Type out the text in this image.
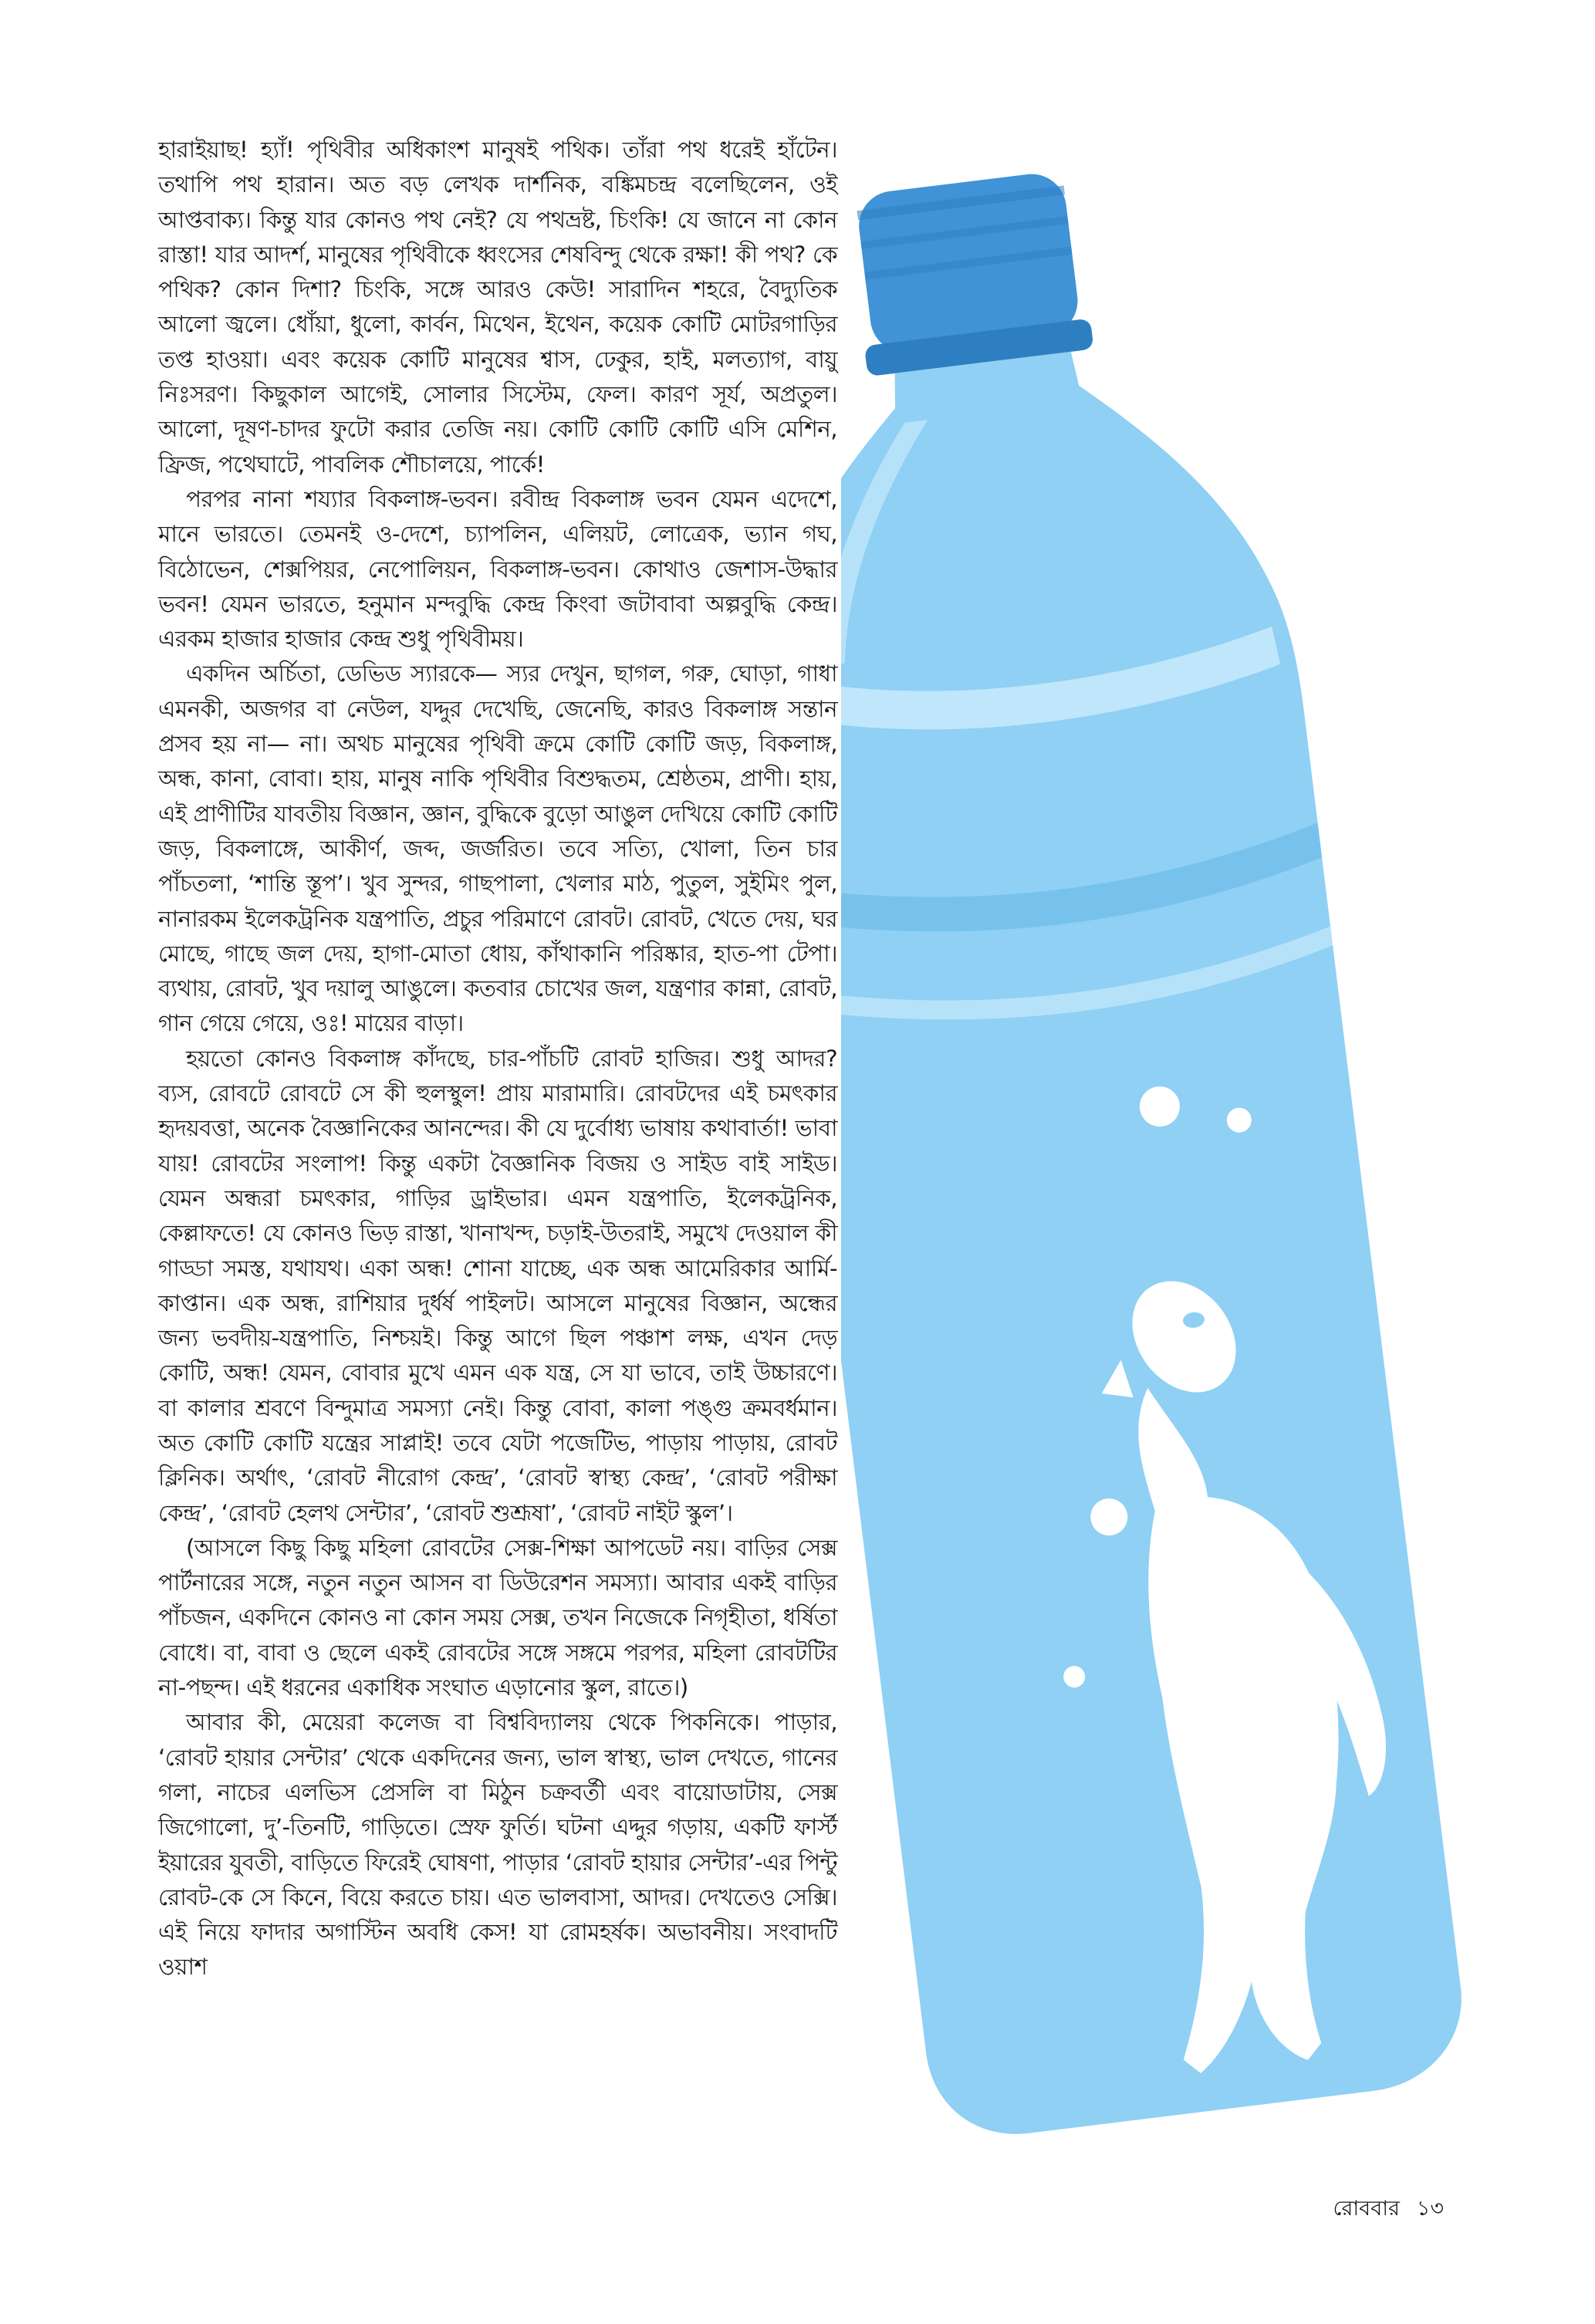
হারাইয়াছ! হ্যাঁ! পৃথিবীর অধিকাংশ মানুষই পথিক। তাঁরা পথ ধরেই হাঁটেন। তথাপি পথ হারান। অত বড় লেখক দার্শনিক, বঙ্কিমচন্দ্র বলেছিলেন, ওই আপ্তবাক্য। কিন্তু যার কোনও পথ নেই? যে পথভ্রষ্ট, চিংকি! যে জানে না কোন রাস্তা! যার আদর্শ, মানুষের পৃথিবীকে ধ্বংসের শেষবিন্দু থেকে রক্ষা! কী পথ? কে পথিক? কোন দিশা? চিংকি, সঙ্গে আরও কেউ! সারাদিন শহরে, বৈদ্যুতিক আলো জ্বলে। ধোঁয়া, ধুলো, কার্বন, মিথেন, ইথেন, কয়েক কোটি মোটরগাড়ির তপ্ত হাওয়া। এবং কয়েক কোটি মানুষের শ্বাস, ঢেকুর, হাই, মলত্যাগ, বায়ু নিঃসরণ। কিছুকাল আগেই, সোলার সিস্টেম, ফেল। কারণ সূর্য, অপ্রতুল। আলো, দূষণ-চাদর ফুটো করার তেজি নয়। কোটি কোটি কোটি এসি মেশিন, ফ্রিজ, পথেঘাটে, পাবলিক শৌচালয়ে, পার্কে!

পরপর নানা শয্যার বিকলাঙ্গ-ভবন। রবীন্দ্র বিকলাঙ্গ ভবন যেমন এদেশে, মানে ভারতে। তেমনই ও-দেশে, চ্যাপলিন, এলিয়ট, লোত্রেক, ভ্যান গঘ, বিঠোভেন, শেক্সপিয়র, নেপোলিয়ন, বিকলাঙ্গ-ভবন। কোথাও জেশাস-উদ্ধার ভবন! যেমন ভারতে, হনুমান মন্দবুদ্ধি কেন্দ্র কিংবা জটাবাবা অল্পবুদ্ধি কেন্দ্র। এরকম হাজার হাজার কেন্দ্র শুধু পৃথিবীময়।

একদিন অর্চিতা, ডেভিড স্যারকে— স্যর দেখুন, ছাগল, গরু, ঘোড়া, গাধা এমনকী, অজগর বা নেউল, যদ্দুর দেখেছি, জেনেছি, কারও বিকলাঙ্গ সন্তান প্রসব হয় না— না। অথচ মানুষের পৃথিবী ক্রমে কোটি কোটি জড়, বিকলাঙ্গ, অন্ধ, কানা, বোবা। হায়, মানুষ নাকি পৃথিবীর বিশুদ্ধতম, শ্রেষ্ঠতম, প্রাণী। হায়, এই প্রাণীটির যাবতীয় বিজ্ঞান, জ্ঞান, বুদ্ধিকে বুড়ো আঙুল দেখিয়ে কোটি কোটি জড়, বিকলাঙ্গে, আকীর্ণ, জব্দ, জর্জরিত। তবে সত্যি, খোলা, তিন চার পাঁচতলা, ‘শান্তি স্তূপ’। খুব সুন্দর, গাছপালা, খেলার মাঠ, পুতুল, সুইমিং পুল, নানারকম ইলেকট্রনিক যন্ত্রপাতি, প্রচুর পরিমাণে রোবট। রোবট, খেতে দেয়, ঘর মোছে, গাছে জল দেয়, হাগা-মোতা ধোয়, কাঁথাকানি পরিষ্কার, হাত-পা টেপা। ব্যথায়, রোবট, খুব দয়ালু আঙুলে। কতবার চোখের জল, যন্ত্রণার কান্না, রোবট, গান গেয়ে গেয়ে, ওঃ! মায়ের বাড়া।

হয়তো কোনও বিকলাঙ্গ কাঁদছে, চার-পাঁচটি রোবট হাজির। শুধু আদর? ব্যস, রোবটে রোবটে সে কী হুলস্থুল! প্রায় মারামারি। রোবটদের এই চমৎকার হৃদয়বত্তা, অনেক বৈজ্ঞানিকের আনন্দের। কী যে দুর্বোধ্য ভাষায় কথাবার্তা! ভাবা যায়! রোবটের সংলাপ! কিন্তু একটা বৈজ্ঞানিক বিজয় ও সাইড বাই সাইড। যেমন অন্ধরা চমৎকার, গাড়ির ড্রাইভার। এমন যন্ত্রপাতি, ইলেকট্রনিক, কেল্লাফতে! যে কোনও ভিড় রাস্তা, খানাখন্দ, চড়াই-উতরাই, সমুখে দেওয়াল কী গাড্ডা সমস্ত, যথাযথ। একা অন্ধ! শোনা যাচ্ছে, এক অন্ধ আমেরিকার আর্মি-কাপ্তান। এক অন্ধ, রাশিয়ার দুর্ধর্ষ পাইলট। আসলে মানুষের বিজ্ঞান, অন্ধের জন্য ভবদীয়-যন্ত্রপাতি, নিশ্চয়ই। কিন্তু আগে ছিল পঞ্চাশ লক্ষ, এখন দেড় কোটি, অন্ধ! যেমন, বোবার মুখে এমন এক যন্ত্র, সে যা ভাবে, তাই উচ্চারণে। বা কালার শ্রবণে বিন্দুমাত্র সমস্যা নেই। কিন্তু বোবা, কালা পঙ্গু ক্রমবর্ধমান। অত কোটি কোটি যন্ত্রের সাপ্লাই! তবে যেটা পজেটিভ, পাড়ায় পাড়ায়, রোবট ক্লিনিক। অর্থাৎ, ‘রোবট নীরোগ কেন্দ্র’, ‘রোবট স্বাস্থ্য কেন্দ্র’, ‘রোবট পরীক্ষা কেন্দ্র’, ‘রোবট হেলথ সেন্টার’, ‘রোবট শুশ্রূষা’, ‘রোবট নাইট স্কুল’।

(আসলে কিছু কিছু মহিলা রোবটের সেক্স-শিক্ষা আপডেট নয়। বাড়ির সেক্স পার্টনারের সঙ্গে, নতুন নতুন আসন বা ডিউরেশন সমস্যা। আবার একই বাড়ির পাঁচজন, একদিনে কোনও না কোন সময় সেক্স, তখন নিজেকে নিগৃহীতা, ধর্ষিতা বোধে। বা, বাবা ও ছেলে একই রোবটের সঙ্গে সঙ্গমে পরপর, মহিলা রোবটটির না-পছন্দ। এই ধরনের একাধিক সংঘাত এড়ানোর স্কুল, রাতে।)

আবার কী, মেয়েরা কলেজ বা বিশ্ববিদ্যালয় থেকে পিকনিকে। পাড়ার, ‘রোবট হায়ার সেন্টার’ থেকে একদিনের জন্য, ভাল স্বাস্থ্য, ভাল দেখতে, গানের গলা, নাচের এলভিস প্রেসলি বা মিঠুন চক্রবর্তী এবং বায়োডাটায়, সেক্স জিগোলো, দু’-তিনটি, গাড়িতে। স্রেফ ফুর্তি। ঘটনা এদ্দুর গড়ায়, একটি ফার্স্ট ইয়ারের যুবতী, বাড়িতে ফিরেই ঘোষণা, পাড়ার ‘রোবট হায়ার সেন্টার’-এর পিন্টু রোবট-কে সে কিনে, বিয়ে করতে চায়। এত ভালবাসা, আদর। দেখতেও সেক্সি। এই নিয়ে ফাদার অগাস্টিন অবধি কেস! যা রোমহর্ষক। অভাবনীয়। সংবাদটি ওয়াশ

রোববার ১৩
